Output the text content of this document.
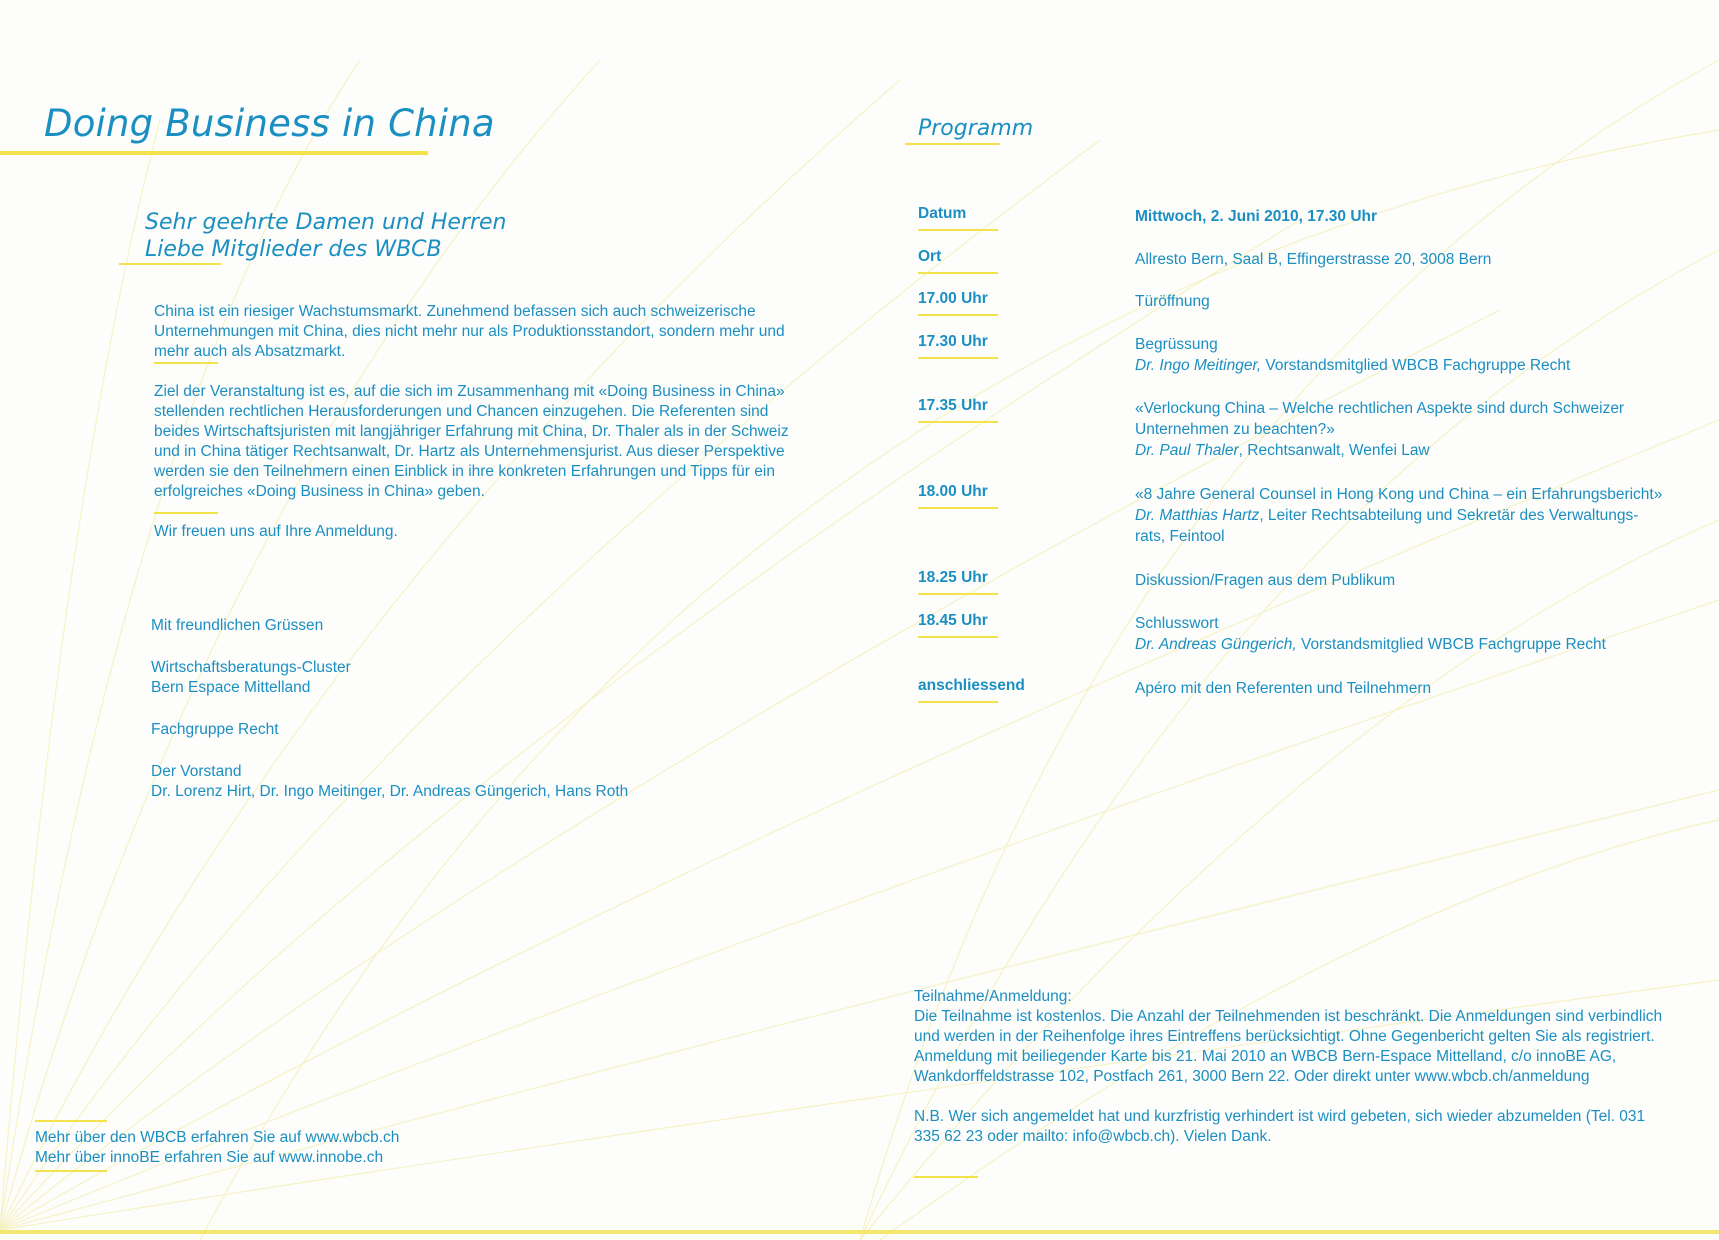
Doing Business in China
Sehr geehrte Damen und Herren
Liebe Mitglieder des WBCB

China ist ein riesiger Wachstumsmarkt. Zunehmend befassen sich auch schweizerische Unternehmungen mit China, dies nicht mehr nur als Produktionsstandort, sondern mehr und mehr auch als Absatzmarkt.

Ziel der Veranstaltung ist es, auf die sich im Zusammenhang mit «Doing Business in China» stellenden rechtlichen Herausforderungen und Chancen einzugehen. Die Referenten sind beides Wirtschaftsjuristen mit langjähriger Erfahrung mit China, Dr. Thaler als in der Schweiz und in China tätiger Rechtsanwalt, Dr. Hartz als Unternehmensjurist. Aus dieser Perspektive werden sie den Teilnehmern einen Einblick in ihre konkreten Erfahrungen und Tipps für ein erfolgreiches «Doing Business in China» geben.

Wir freuen uns auf Ihre Anmeldung.

Mit freundlichen Grüssen
Wirtschaftsberatungs-Cluster
Bern Espace Mittelland
Fachgruppe Recht
Der Vorstand
Dr. Lorenz Hirt, Dr. Ingo Meitinger, Dr. Andreas Güngerich, Hans Roth
Mehr über den WBCB erfahren Sie auf www.wbcb.ch
Mehr über innoBE erfahren Sie auf www.innobe.ch
Programm
Datum	Mittwoch, 2. Juni 2010, 17.30 Uhr
Ort	Allresto Bern, Saal B, Effingerstrasse 20, 3008 Bern
17.00 Uhr	Türöffnung
17.30 Uhr	Begrüssung
Dr. Ingo Meitinger, Vorstandsmitglied WBCB Fachgruppe Recht
17.35 Uhr	«Verlockung China – Welche rechtlichen Aspekte sind durch Schweizer
Unternehmen zu beachten?»
Dr. Paul Thaler, Rechtsanwalt, Wenfei Law
18.00 Uhr	«8 Jahre General Counsel in Hong Kong und China – ein Erfahrungsbericht»
Dr. Matthias Hartz, Leiter Rechtsabteilung und Sekretär des Verwaltungs-
rats, Feintool
18.25 Uhr	Diskussion/Fragen aus dem Publikum
18.45 Uhr	Schlusswort
Dr. Andreas Güngerich, Vorstandsmitglied WBCB Fachgruppe Recht
anschliessend	Apéro mit den Referenten und Teilnehmern
Teilnahme/Anmeldung:
Die Teilnahme ist kostenlos. Die Anzahl der Teilnehmenden ist beschränkt. Die Anmeldungen sind verbindlich und werden in der Reihenfolge ihres Eintreffens berücksichtigt. Ohne Gegenbericht gelten Sie als registriert. Anmeldung mit beiliegender Karte bis 21. Mai 2010 an WBCB Bern-Espace Mittelland, c/o innoBE AG, Wankdorffeldstrasse 102, Postfach 261, 3000 Bern 22. Oder direkt unter www.wbcb.ch/anmeldung
N.B. Wer sich angemeldet hat und kurzfristig verhindert ist wird gebeten, sich wieder abzumelden (Tel. 031 335 62 23 oder mailto: info@wbcb.ch). Vielen Dank.
